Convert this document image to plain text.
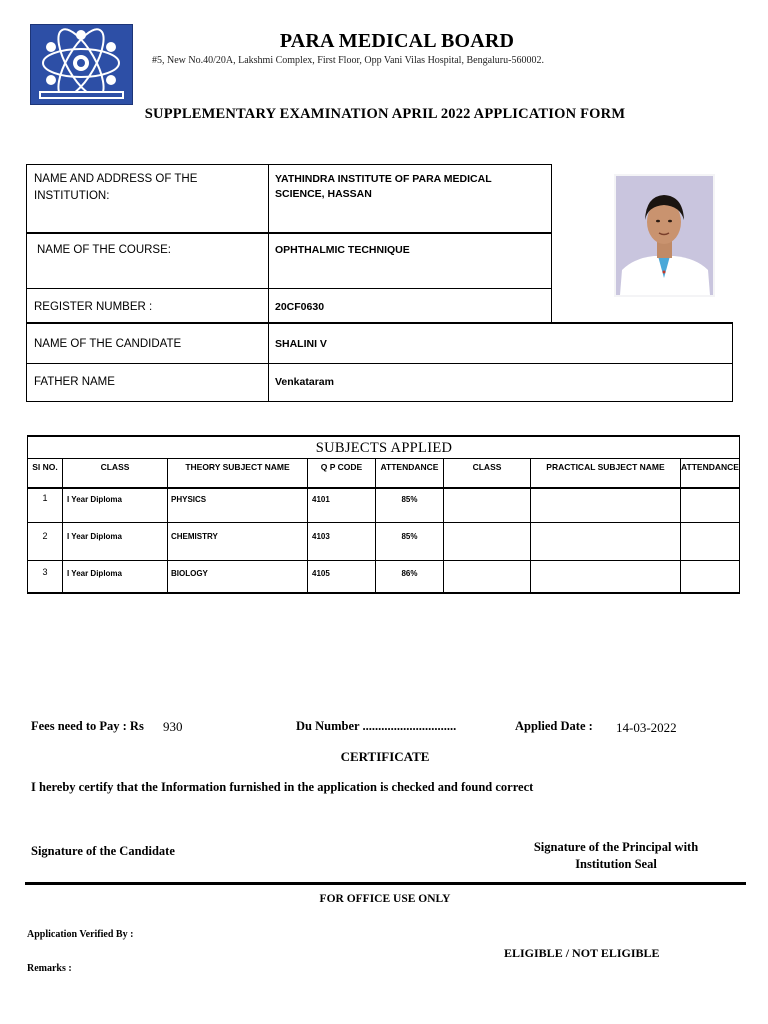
PARA MEDICAL BOARD
#5, New No.40/20A, Lakshmi Complex, First Floor, Opp Vani Vilas Hospital, Bengaluru-560002.
SUPPLEMENTARY EXAMINATION APRIL 2022 APPLICATION FORM
NAME AND ADDRESS OF THE INSTITUTION:
YATHINDRA INSTITUTE OF PARA MEDICAL SCIENCE, HASSAN
NAME OF THE COURSE:	OPHTHALMIC TECHNIQUE
REGISTER NUMBER :	20CF0630
NAME OF THE CANDIDATE	SHALINI V
FATHER NAME	Venkataram
SUBJECTS APPLIED
Sl NO.	CLASS	THEORY SUBJECT NAME	Q P CODE	ATTENDANCE	CLASS	PRACTICAL SUBJECT NAME	ATTENDANCE
1	I Year Diploma	PHYSICS	4101	85%
2	I Year Diploma	CHEMISTRY	4103	85%
3	I Year Diploma	BIOLOGY	4105	86%
Fees need to Pay : Rs 930	Du Number ..............................	Applied Date : 14-03-2022
CERTIFICATE
I hereby certify that the Information furnished in the application is checked and found correct
Signature of the Candidate	Signature of the Principal with
Institution Seal
FOR OFFICE USE ONLY
Application Verified By :
ELIGIBLE / NOT ELIGIBLE
Remarks :
